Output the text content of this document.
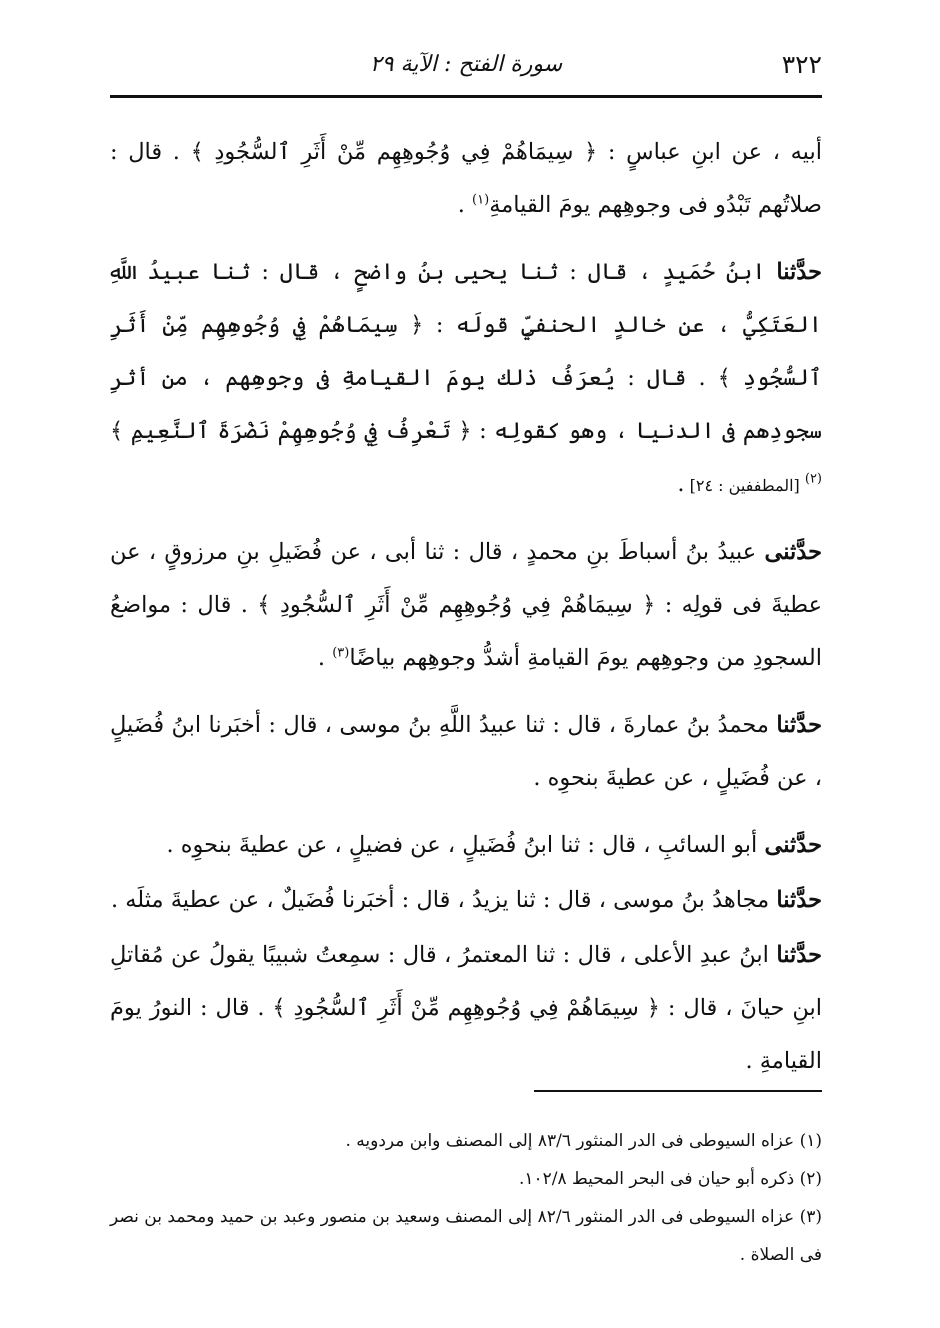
٣٢٢
سورة الفتح : الآية ٢٩

أبيه ، عن ابنِ عباسٍ : ﴿ سِيمَاهُمْ فِي وُجُوهِهِم مِّنْ أَثَرِ ٱلسُّجُودِ ﴾ . قال : صلاتُهم تَبْدُو فى وجوهِهم يومَ القيامةِ$^{(١)}$ .

حدَّثنا ابنُ حُمَيدٍ ، قال : ثنا يحيى بنُ واضحٍ ، قال : ثنا عبيدُ اللَّهِ العَتَكِيُّ ، عن خالدٍ الحنفيِّ قولَه : ﴿ سِيمَاهُمْ فِي وُجُوهِهِم مِّنْ أَثَرِ ٱلسُّجُودِ ﴾ . قال : يُعرَفُ ذلك يومَ القيامةِ فى وجوهِهم ، من أثرِ سجودِهم فى الدنيا ، وهو كقولِه : ﴿ تَعْرِفُ فِي وُجُوهِهِمْ نَضْرَةَ ٱلنَّعِيمِ ﴾$^{(٢)}$ [المطففين : ٢٤] .

حدَّثنى عبيدُ بنُ أسباطَ بنِ محمدٍ ، قال : ثنا أبى ، عن فُضَيلِ بنِ مرزوقٍ ، عن عطيةَ فى قولِه : ﴿ سِيمَاهُمْ فِي وُجُوهِهِم مِّنْ أَثَرِ ٱلسُّجُودِ ﴾ . قال : مواضعُ السجودِ من وجوهِهم يومَ القيامةِ أشدُّ وجوهِهم بياضًا$^{(٣)}$ .

حدَّثنا محمدُ بنُ عمارةَ ، قال : ثنا عبيدُ اللَّهِ بنُ موسى ، قال : أخبَرنا ابنُ فُضَيلٍ ، عن فُضَيلٍ ، عن عطيةَ بنحوِه .

حدَّثنى أبو السائبِ ، قال : ثنا ابنُ فُضَيلٍ ، عن فضيلٍ ، عن عطيةَ بنحوِه .

حدَّثنا مجاهدُ بنُ موسى ، قال : ثنا يزيدُ ، قال : أخبَرنا فُضَيلٌ ، عن عطيةَ مثلَه .

حدَّثنا ابنُ عبدِ الأعلى ، قال : ثنا المعتمرُ ، قال : سمِعتُ شبيبًا يقولُ عن مُقاتلِ ابنِ حيانَ ، قال : ﴿ سِيمَاهُمْ فِي وُجُوهِهِم مِّنْ أَثَرِ ٱلسُّجُودِ ﴾ . قال : النورُ يومَ القيامةِ .

(١) عزاه السيوطى فى الدر المنثور ٨٣/٦ إلى المصنف وابن مردويه .

(٢) ذكره أبو حيان فى البحر المحيط ١٠٢/٨.

(٣) عزاه السيوطى فى الدر المنثور ٨٢/٦ إلى المصنف وسعيد بن منصور وعبد بن حميد ومحمد بن نصر فى الصلاة .
